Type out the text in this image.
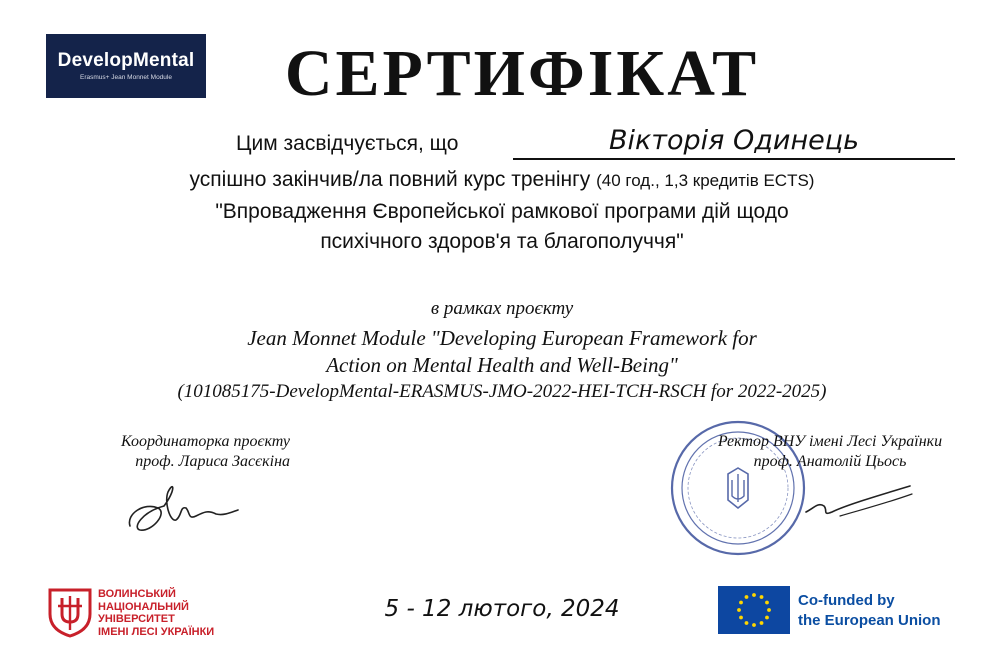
DevelopMental
Erasmus+ Jean Monnet Module	СЕРТИФІКАТ
Цим засвідчується, що	Вікторія Одинець
успішно закінчив/ла повний курс тренінгу (40 год., 1,3 кредитів ECTS)
"Впровадження Європейської рамкової програми дій щодо
психічного здоров'я та благополуччя"
в рамках проєкту
Jean Monnet Module "Developing European Framework for
Action on Mental Health and Well-Being"
(101085175-DevelopMental-ERASMUS-JMO-2022-HEI-TCH-RSCH for 2022-2025)
Координаторка проєкту
проф. Лариса Засєкіна
Ректор ВНУ імені Лесі Українки
проф. Анатолій Цьось
ВОЛИНСЬКИЙ
НАЦІОНАЛЬНИЙ
УНІВЕРСИТЕТ
ІМЕНІ ЛЕСІ УКРАЇНКИ
5 - 12 лютого, 2024	Co-funded by
the European Union
